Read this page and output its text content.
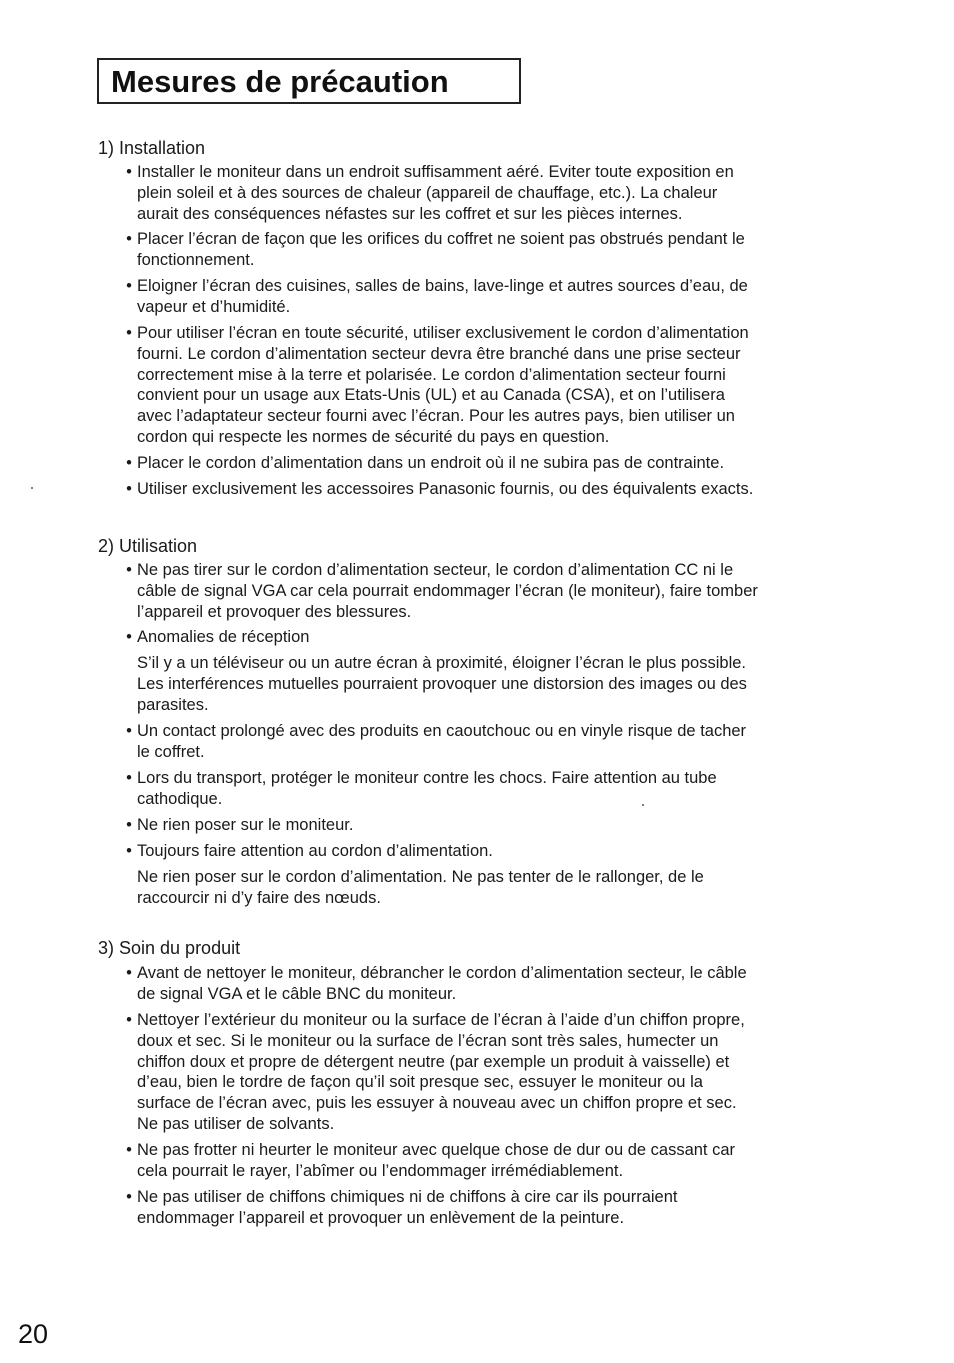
Mesures de précaution
1) Installation
• Installer le moniteur dans un endroit suffisamment aéré. Eviter toute exposition en
plein soleil et à des sources de chaleur (appareil de chauffage, etc.). La chaleur
aurait des conséquences néfastes sur les coffret et sur les pièces internes.
• Placer l’écran de façon que les orifices du coffret ne soient pas obstrués pendant le
fonctionnement.
• Eloigner l’écran des cuisines, salles de bains, lave-linge et autres sources d’eau, de
vapeur et d’humidité.
• Pour utiliser l’écran en toute sécurité, utiliser exclusivement le cordon d’alimentation
fourni. Le cordon d’alimentation secteur devra être branché dans une prise secteur
correctement mise à la terre et polarisée. Le cordon d’alimentation secteur fourni
convient pour un usage aux Etats-Unis (UL) et au Canada (CSA), et on l’utilisera
avec l’adaptateur secteur fourni avec l’écran. Pour les autres pays, bien utiliser un
cordon qui respecte les normes de sécurité du pays en question.
• Placer le cordon d’alimentation dans un endroit où il ne subira pas de contrainte.
• Utiliser exclusivement les accessoires Panasonic fournis, ou des équivalents exacts.
2) Utilisation
• Ne pas tirer sur le cordon d’alimentation secteur, le cordon d’alimentation CC ni le
câble de signal VGA car cela pourrait endommager l’écran (le moniteur), faire tomber
l’appareil et provoquer des blessures.
• Anomalies de réception
S’il y a un téléviseur ou un autre écran à proximité, éloigner l’écran le plus possible.
Les interférences mutuelles pourraient provoquer une distorsion des images ou des
parasites.
• Un contact prolongé avec des produits en caoutchouc ou en vinyle risque de tacher
le coffret.
• Lors du transport, protéger le moniteur contre les chocs. Faire attention au tube
cathodique.
• Ne rien poser sur le moniteur.
• Toujours faire attention au cordon d’alimentation.
Ne rien poser sur le cordon d’alimentation. Ne pas tenter de le rallonger, de le
raccourcir ni d’y faire des nœuds.
3) Soin du produit
• Avant de nettoyer le moniteur, débrancher le cordon d’alimentation secteur, le câble
de signal VGA et le câble BNC du moniteur.
• Nettoyer l’extérieur du moniteur ou la surface de l’écran à l’aide d’un chiffon propre,
doux et sec. Si le moniteur ou la surface de l’écran sont très sales, humecter un
chiffon doux et propre de détergent neutre (par exemple un produit à vaisselle) et
d’eau, bien le tordre de façon qu’il soit presque sec, essuyer le moniteur ou la
surface de l’écran avec, puis les essuyer à nouveau avec un chiffon propre et sec.
Ne pas utiliser de solvants.
• Ne pas frotter ni heurter le moniteur avec quelque chose de dur ou de cassant car
cela pourrait le rayer, l’abîmer ou l’endommager irrémédiablement.
• Ne pas utiliser de chiffons chimiques ni de chiffons à cire car ils pourraient
endommager l’appareil et provoquer un enlèvement de la peinture.

20
